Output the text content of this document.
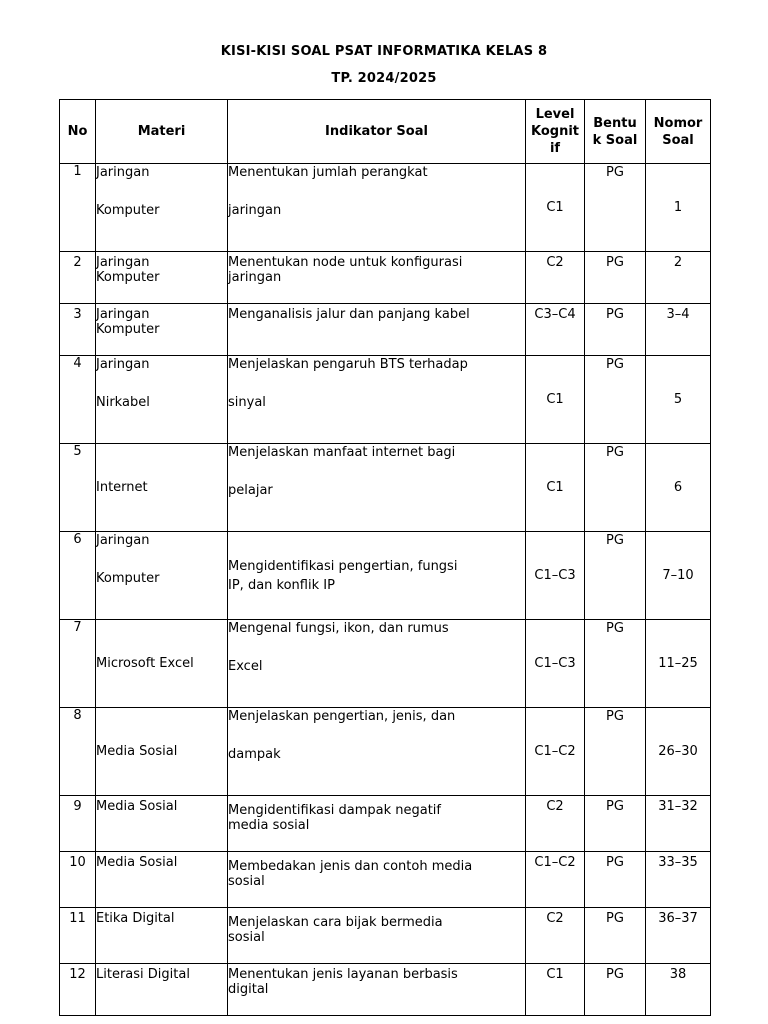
KISI-KISI SOAL PSAT INFORMATIKA KELAS 8
TP. 2024/2025
No	Materi	Indikator Soal	Level
Kognit
if	Bentu
k Soal	Nomor
Soal

1	Jaringan
Komputer	Menentukan jumlah perangkat
jaringan	C1	PG	1
2	Jaringan
Komputer	Menentukan node untuk konfigurasi
jaringan	C2	PG	2
3	Jaringan
Komputer	Menganalisis jalur dan panjang kabel	C3–C4	PG	3–4
4	Jaringan
Nirkabel	Menjelaskan pengaruh BTS terhadap
sinyal	C1	PG	5
5	Internet	Menjelaskan manfaat internet bagi
pelajar	C1	PG	6
6	Jaringan
Komputer	Mengidentifikasi pengertian, fungsi
IP, dan konflik IP	C1–C3	PG	7–10
7	Microsoft Excel	Mengenal fungsi, ikon, dan rumus
Excel	C1–C3	PG	11–25
8	Media Sosial	Menjelaskan pengertian, jenis, dan
dampak	C1–C2	PG	26–30
9	Media Sosial	Mengidentifikasi dampak negatif
media sosial	C2	PG	31–32
10	Media Sosial	Membedakan jenis dan contoh media
sosial	C1–C2	PG	33–35
11	Etika Digital	Menjelaskan cara bijak bermedia
sosial	C2	PG	36–37
12	Literasi Digital	Menentukan jenis layanan berbasis
digital	C1	PG	38
